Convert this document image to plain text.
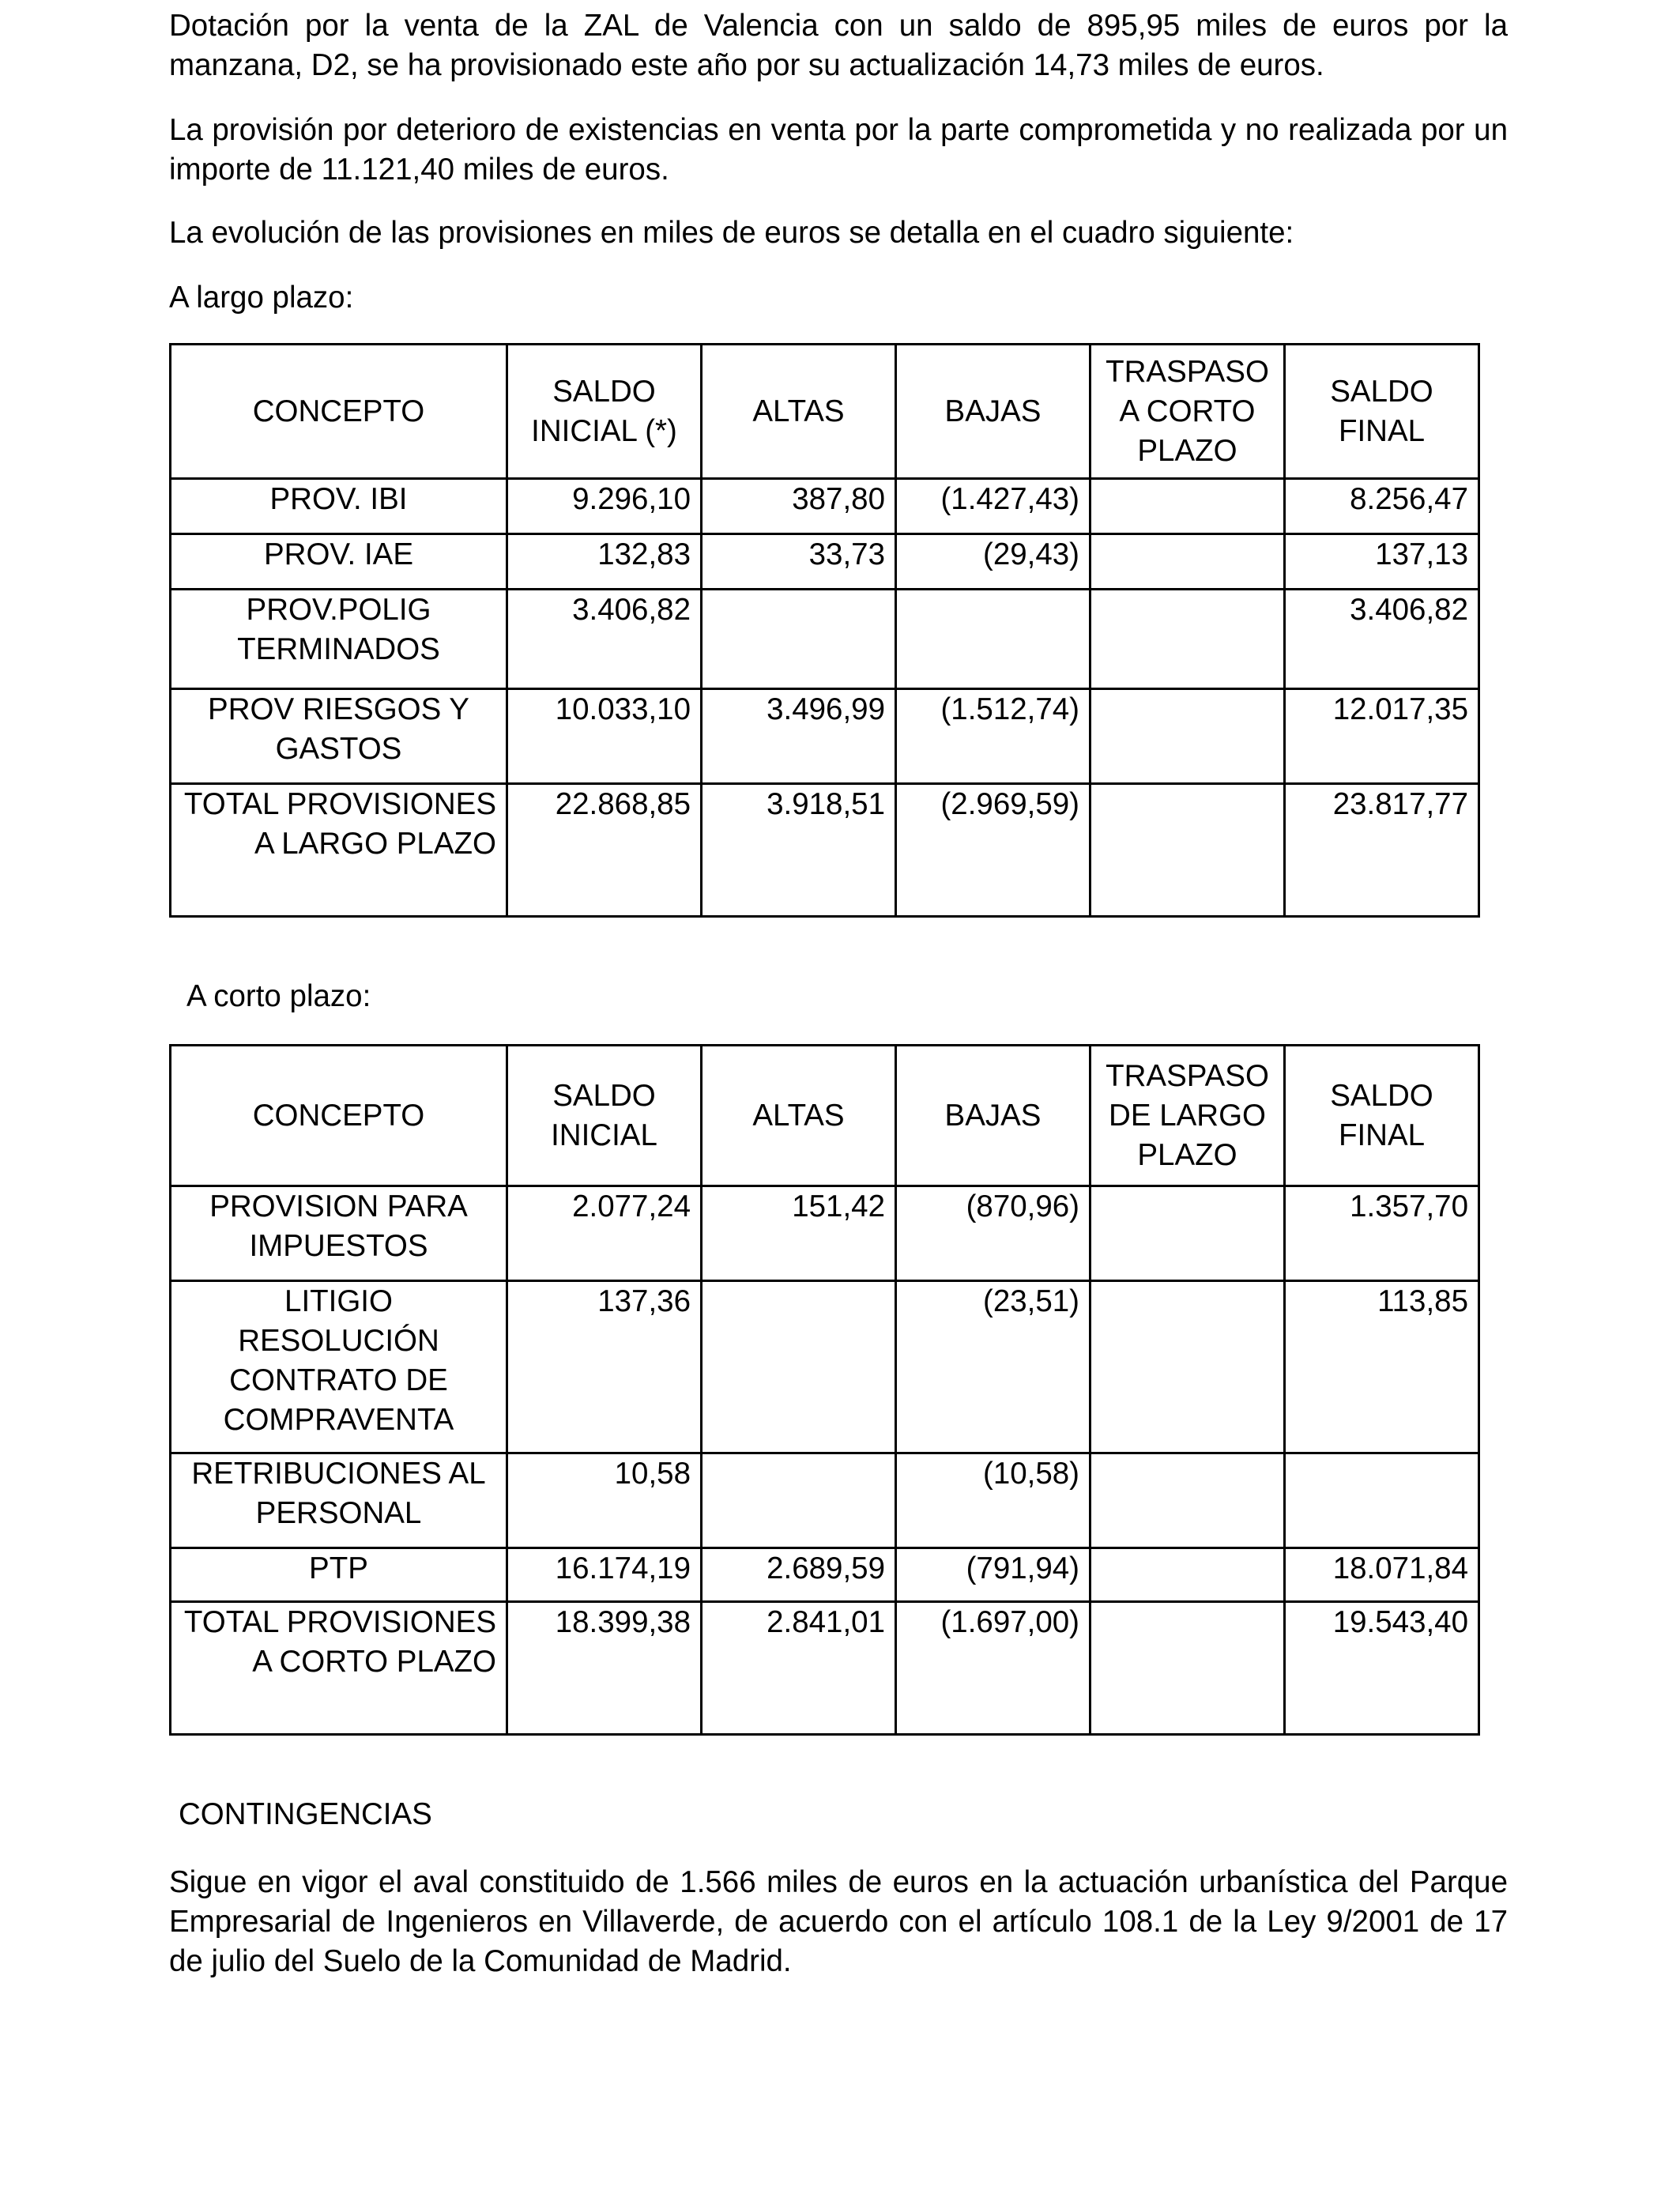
Dotación por la venta de la ZAL de Valencia con un saldo de 895,95 miles de euros por la manzana, D2, se ha provisionado este año por su actualización 14,73 miles de euros.

La provisión por deterioro de existencias en venta por la parte comprometida y no realizada por un importe de 11.121,40 miles de euros.

La evolución de las provisiones en miles de euros se detalla en el cuadro siguiente:

A largo plazo:

CONCEPTO	SALDO INICIAL (*)	ALTAS	BAJAS	TRASPASO A CORTO PLAZO	SALDO FINAL
PROV. IBI	9.296,10	387,80	(1.427,43)		8.256,47
PROV. IAE	132,83	33,73	(29,43)		137,13
PROV.POLIG TERMINADOS	3.406,82				3.406,82
PROV RIESGOS Y GASTOS	10.033,10	3.496,99	(1.512,74)		12.017,35
TOTAL PROVISIONES A LARGO PLAZO	22.868,85	3.918,51	(2.969,59)		23.817,77

A corto plazo:

CONCEPTO	SALDO INICIAL	ALTAS	BAJAS	TRASPASO DE LARGO PLAZO	SALDO FINAL
PROVISION PARA IMPUESTOS	2.077,24	151,42	(870,96)		1.357,70
LITIGIO RESOLUCIÓN CONTRATO DE COMPRAVENTA	137,36		(23,51)		113,85
RETRIBUCIONES AL PERSONAL	10,58		(10,58)		
PTP	16.174,19	2.689,59	(791,94)		18.071,84
TOTAL PROVISIONES A CORTO PLAZO	18.399,38	2.841,01	(1.697,00)		19.543,40

CONTINGENCIAS

Sigue en vigor el aval constituido de 1.566 miles de euros en la actuación urbanística del Parque Empresarial de Ingenieros en Villaverde, de acuerdo con el artículo 108.1 de la Ley 9/2001 de 17 de julio del Suelo de la Comunidad de Madrid.
